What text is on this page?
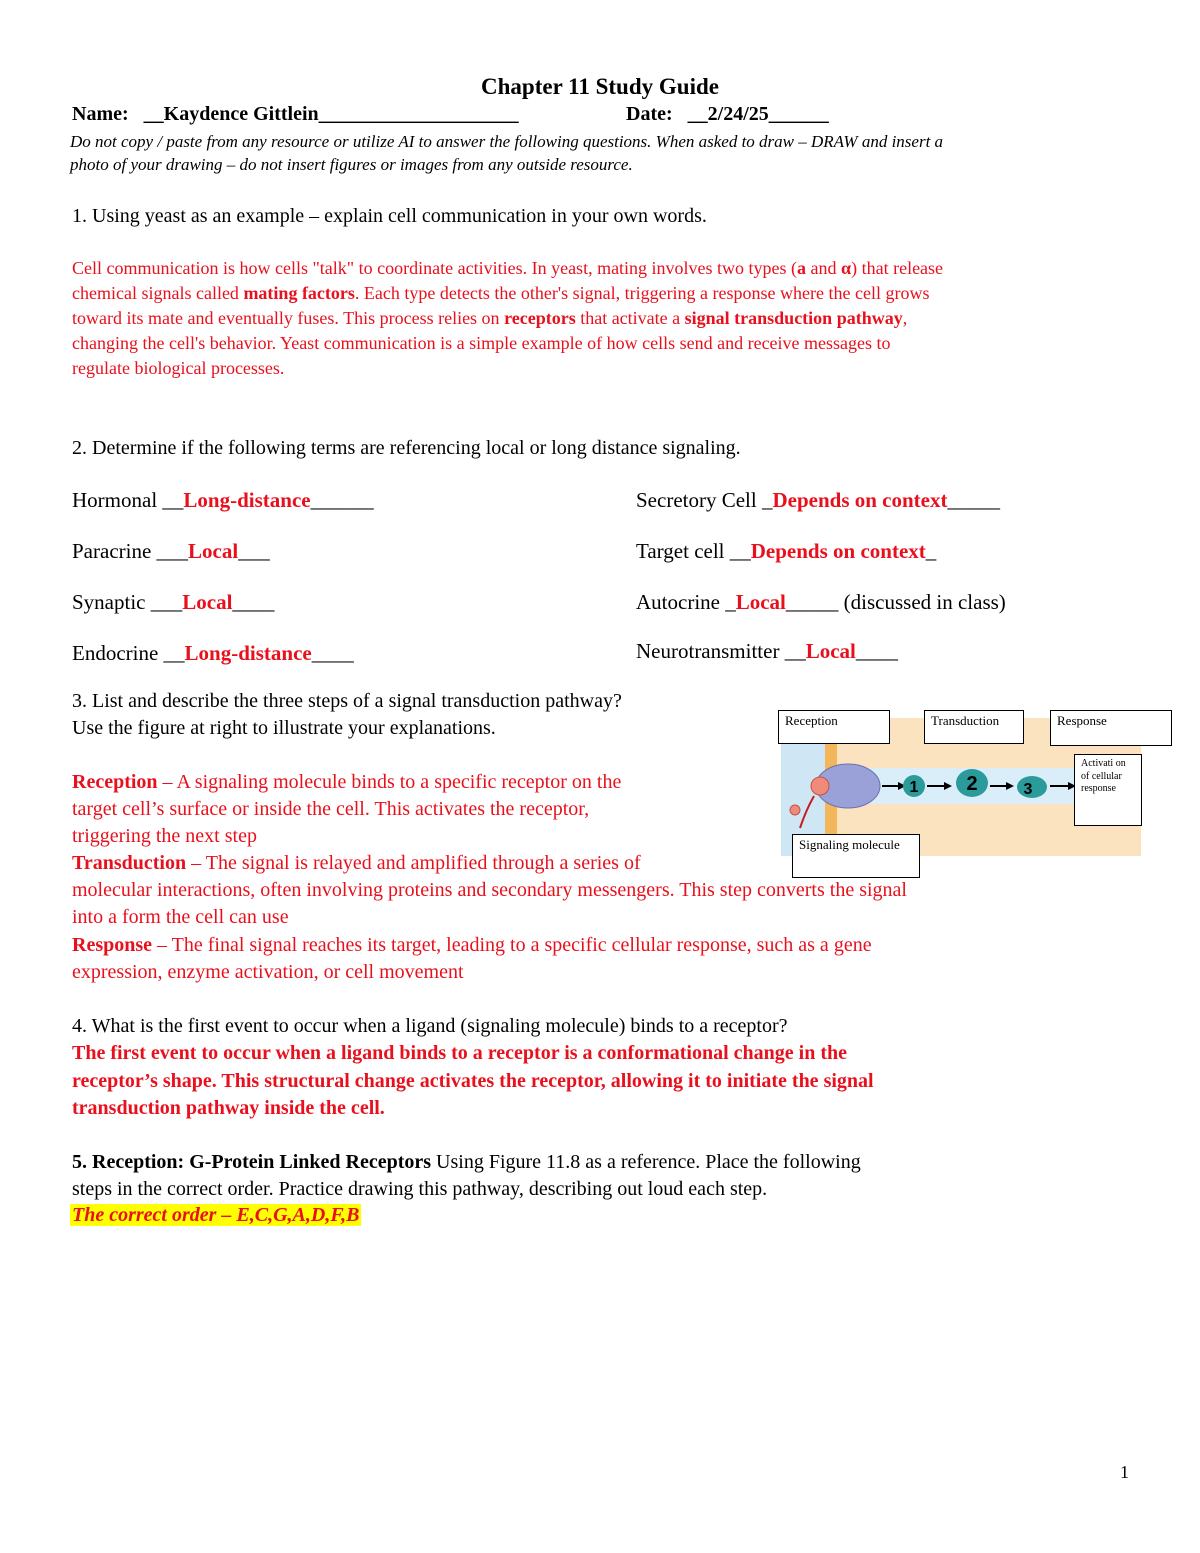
Chapter 11 Study Guide
Name: __Kaydence Gittlein____________________	Date: __2/24/25______
Do not copy / paste from any resource or utilize AI to answer the following questions. When asked to draw – DRAW and insert a
photo of your drawing – do not insert figures or images from any outside resource.
1. Using yeast as an example – explain cell communication in your own words.
Cell communication is how cells "talk" to coordinate activities. In yeast, mating involves two types (a and α) that release
chemical signals called mating factors. Each type detects the other's signal, triggering a response where the cell grows
toward its mate and eventually fuses. This process relies on receptors that activate a signal transduction pathway,
changing the cell's behavior. Yeast communication is a simple example of how cells send and receive messages to
regulate biological processes.
2. Determine if the following terms are referencing local or long distance signaling.
Hormonal __Long-distance______
Paracrine ___Local___
Synaptic ___Local____
Endocrine __Long-distance____
Secretory Cell _Depends on context_____
Target cell __Depends on context_
Autocrine _Local_____ (discussed in class)
Neurotransmitter __Local____
3. List and describe the three steps of a signal transduction pathway?
Use the figure at right to illustrate your explanations.
1 2	3
Reception	Transduction	Response
Activati on of cellular response
Signaling molecule
Reception – A signaling molecule binds to a specific receptor on the
target cell’s surface or inside the cell. This activates the receptor,
triggering the next step
Transduction – The signal is relayed and amplified through a series of
molecular interactions, often involving proteins and secondary messengers. This step converts the signal
into a form the cell can use
Response – The final signal reaches its target, leading to a specific cellular response, such as a gene
expression, enzyme activation, or cell movement
4. What is the first event to occur when a ligand (signaling molecule) binds to a receptor?
The first event to occur when a ligand binds to a receptor is a conformational change in the
receptor’s shape. This structural change activates the receptor, allowing it to initiate the signal
transduction pathway inside the cell.
5. Reception: G-Protein Linked Receptors Using Figure 11.8 as a reference. Place the following
steps in the correct order. Practice drawing this pathway, describing out loud each step.
The correct order – E,C,G,A,D,F,B
1
